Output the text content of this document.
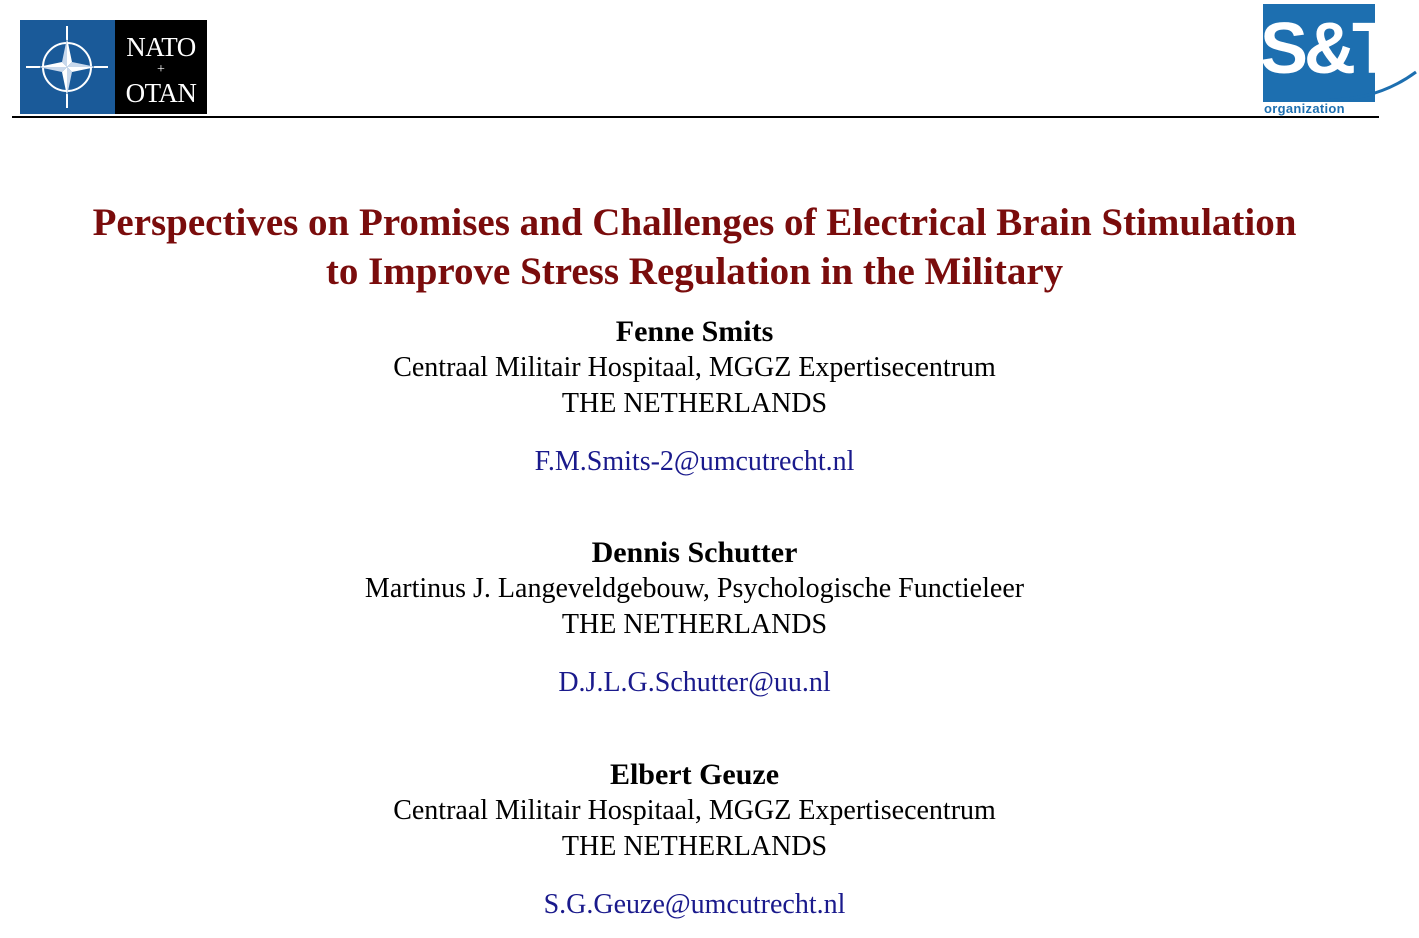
NATO
+
OTAN
S&T
organization
Perspectives on Promises and Challenges of Electrical Brain Stimulation
to Improve Stress Regulation in the Military
Fenne Smits
Centraal Militair Hospitaal, MGGZ Expertisecentrum
THE NETHERLANDS
F.M.Smits-2@umcutrecht.nl
Dennis Schutter
Martinus J. Langeveldgebouw, Psychologische Functieleer
THE NETHERLANDS
D.J.L.G.Schutter@uu.nl
Elbert Geuze
Centraal Militair Hospitaal, MGGZ Expertisecentrum
THE NETHERLANDS
S.G.Geuze@umcutrecht.nl
